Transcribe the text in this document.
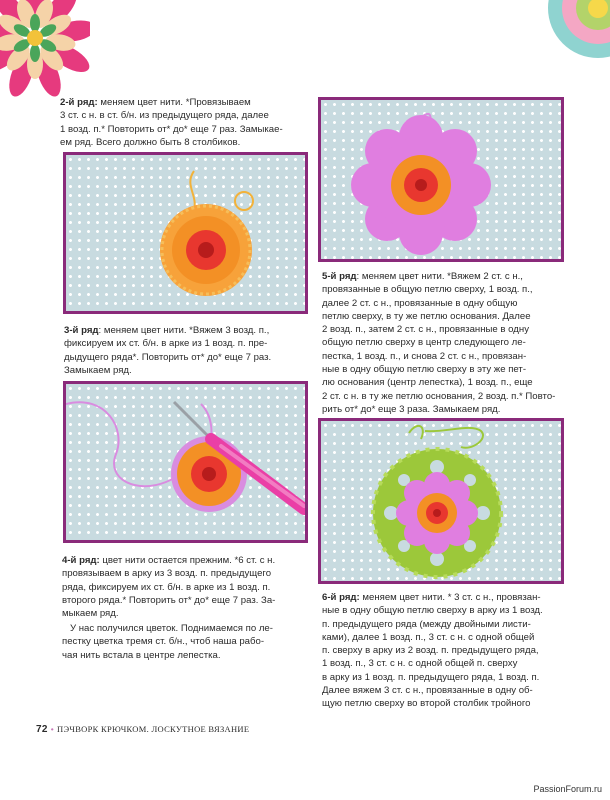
2-й ряд: меняем цвет нити. *Провязываем
3 ст. с н. в ст. б/н. из предыдущего ряда, далее
1 возд. п.* Повторить от* до* еще 7 раз. Замыкае-
ем ряд. Всего должно быть 8 столбиков.
3-й ряд: меняем цвет нити. *Вяжем 3 возд. п.,
фиксируем их ст. б/н. в арке из 1 возд. п. пре-
дыдущего ряда*. Повторить от* до* еще 7 раз.
Замыкаем ряд.
4-й ряд: цвет нити остается прежним. *6 ст. с н.
провязываем в арку из 3 возд. п. предыдущего
ряда, фиксируем их ст. б/н. в арке из 1 возд. п.
второго ряда.* Повторить от* до* еще 7 раз. За-
мыкаем ряд.
У нас получился цветок. Поднимаемся по ле-
пестку цветка тремя ст. б/н., чтоб наша рабо-
чая нить встала в центре лепестка.
5-й ряд: меняем цвет нити. *Вяжем 2 ст. с н.,
провязанные в общую петлю сверху, 1 возд. п.,
далее 2 ст. с н., провязанные в одну общую
петлю сверху, в ту же петлю основания. Далее
2 возд. п., затем 2 ст. с н., провязанные в одну
общую петлю сверху в центр следующего ле-
пестка, 1 возд. п., и снова 2 ст. с н., провязан-
ные в одну общую петлю сверху в эту же пет-
лю основания (центр лепестка), 1 возд. п., еще
2 ст. с н. в ту же петлю основания, 2 возд. п.* Повто-
рить от* до* еще 3 раза. Замыкаем ряд.
6-й ряд: меняем цвет нити. * 3 ст. с н., провязан-
ные в одну общую петлю сверху в арку из 1 возд.
п. предыдущего ряда (между двойными листи-
ками), далее 1 возд. п., 3 ст. с н. с одной общей
п. сверху в арку из 2 возд. п. предыдущего ряда,
1 возд. п., 3 ст. с н. с одной общей п. сверху
в арку из 1 возд. п. предыдущего ряда, 1 возд. п.
Далее вяжем 3 ст. с н., провязанные в одну об-
щую петлю сверху во второй столбик тройного
72 • ПЭЧВОРК КРЮЧКОМ. ЛОСКУТНОЕ ВЯЗАНИЕ
PassionForum.ru
